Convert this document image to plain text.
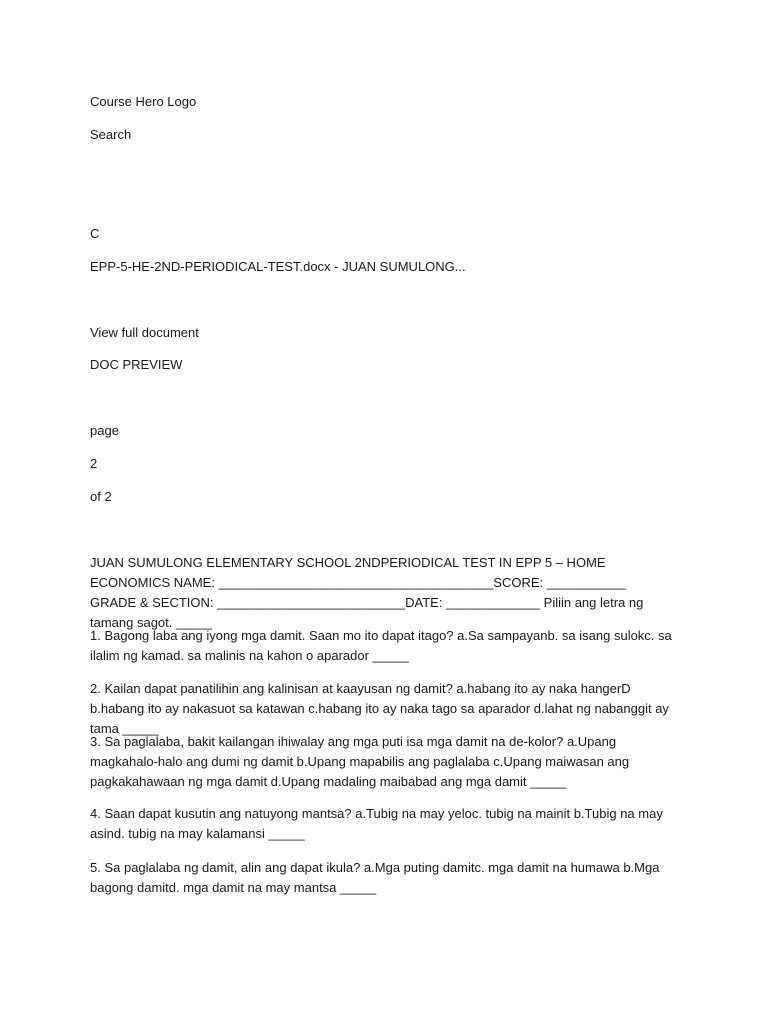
Course Hero Logo
Search
C
EPP-5-HE-2ND-PERIODICAL-TEST.docx - JUAN SUMULONG...
View full document
DOC PREVIEW
page
2
of 2
JUAN SUMULONG ELEMENTARY SCHOOL 2NDPERIODICAL TEST IN EPP 5 – HOME ECONOMICS NAME: ______________________________________SCORE: ___________ GRADE & SECTION: __________________________DATE: _____________ Piliin ang letra ng tamang sagot. _____
1. Bagong laba ang iyong mga damit. Saan mo ito dapat itago? a.Sa sampayanb. sa isang sulokc. sa ilalim ng kamad. sa malinis na kahon o aparador _____
2. Kailan dapat panatilihin ang kalinisan at kaayusan ng damit? a.habang ito ay naka hangerD b.habang ito ay nakasuot sa katawan c.habang ito ay naka tago sa aparador d.lahat ng nabanggit ay tama _____
3. Sa paglalaba, bakit kailangan ihiwalay ang mga puti isa mga damit na de-kolor? a.Upang magkahalo-halo ang dumi ng damit b.Upang mapabilis ang paglalaba c.Upang maiwasan ang pagkakahawaan ng mga damit d.Upang madaling maibabad ang mga damit _____
4. Saan dapat kusutin ang natuyong mantsa? a.Tubig na may yeloc. tubig na mainit b.Tubig na may asind. tubig na may kalamansi _____
5. Sa paglalaba ng damit, alin ang dapat ikula? a.Mga puting damitc. mga damit na humawa b.Mga bagong damitd. mga damit na may mantsa _____
